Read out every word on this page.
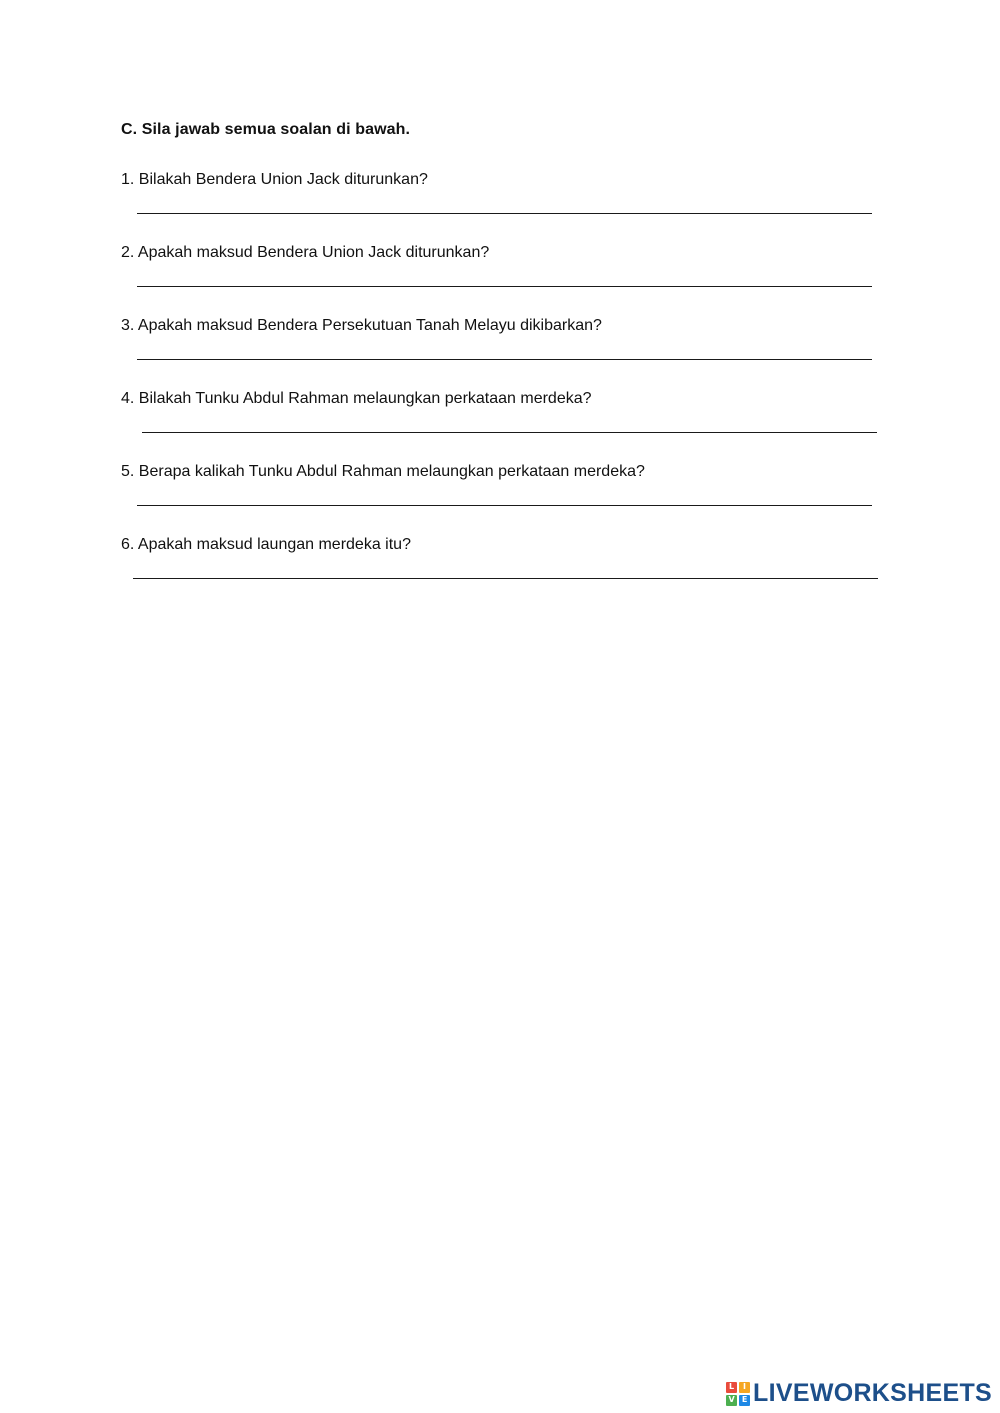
C. Sila jawab semua soalan di bawah.
1. Bilakah Bendera Union Jack diturunkan?
2. Apakah maksud Bendera Union Jack diturunkan?
3. Apakah maksud Bendera Persekutuan Tanah Melayu dikibarkan?
4. Bilakah Tunku Abdul Rahman melaungkan perkataan merdeka?
5. Berapa kalikah Tunku Abdul Rahman melaungkan perkataan merdeka?
6. Apakah maksud laungan merdeka itu?
L	I
V E LIVEWORKSHEETS
